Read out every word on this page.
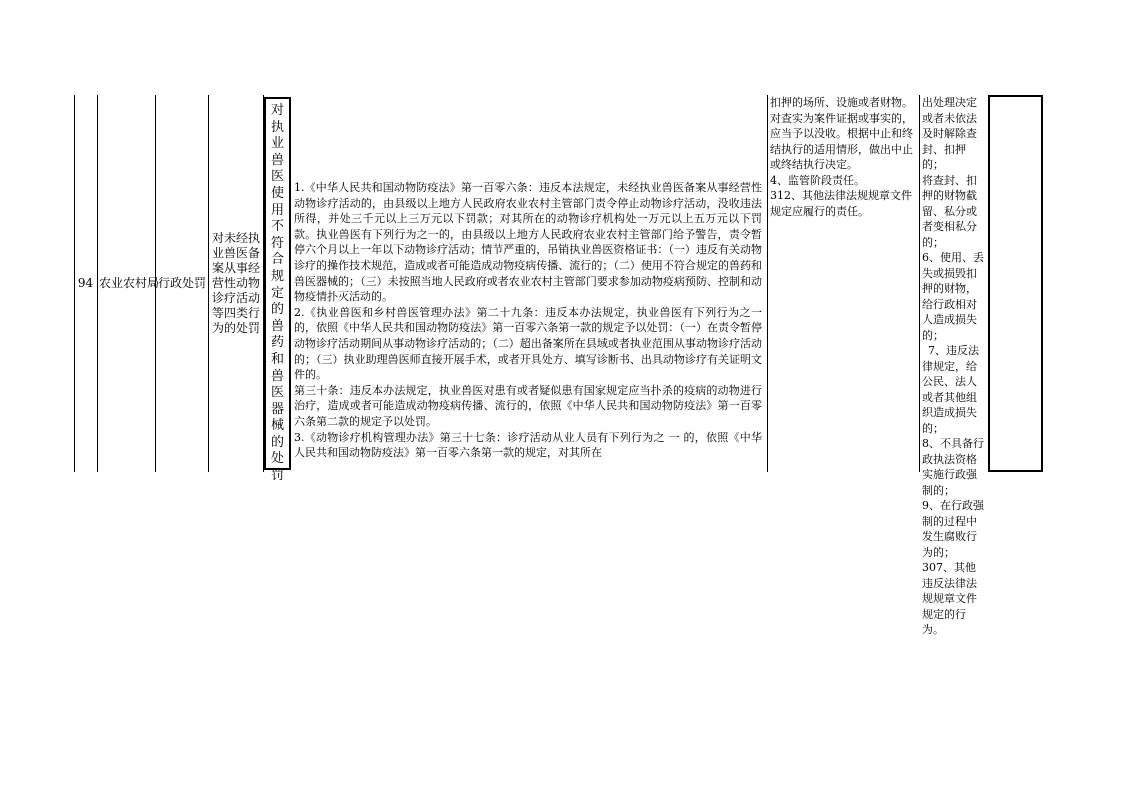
94 农业农村局
行政处罚
对未经执业兽医备案从事经营性动物诊疗活动等四类行为的处罚
对执业兽医使用不符合规定的兽药和兽医器械的处罚

1.《中华人民共和国动物防疫法》第一百零六条：违反本法规定，未经执业兽医备案从事经营性动物诊疗活动的，由县级以上地方人民政府农业农村主管部门责令停止动物诊疗活动，没收违法所得，并处三千元以上三万元以下罚款；对其所在的动物诊疗机构处一万元以上五万元以下罚款。执业兽医有下列行为之一的，由县级以上地方人民政府农业农村主管部门给予警告，责令暂停六个月以上一年以下动物诊疗活动；情节严重的，吊销执业兽医资格证书：（一）违反有关动物诊疗的操作技术规范，造成或者可能造成动物疫病传播、流行的；（二）使用不符合规定的兽药和兽医器械的；（三）未按照当地人民政府或者农业农村主管部门要求参加动物疫病预防、控制和动物疫情扑灭活动的。

2.《执业兽医和乡村兽医管理办法》第二十九条：违反本办法规定，执业兽医有下列行为之一的，依照《中华人民共和国动物防疫法》第一百零六条第一款的规定予以处罚：（一）在责令暂停动物诊疗活动期间从事动物诊疗活动的；（二）超出备案所在县域或者执业范围从事动物诊疗活动的；（三）执业助理兽医师直接开展手术，或者开具处方、填写诊断书、出具动物诊疗有关证明文件的。

第三十条：违反本办法规定，执业兽医对患有或者疑似患有国家规定应当扑杀的疫病的动物进行治疗，造成或者可能造成动物疫病传播、流行的，依照《中华人民共和国动物防疫法》第一百零六条第二款的规定予以处罚。

3.《动物诊疗机构管理办法》第三十七条：诊疗活动从业人员有下列行为之 一 的，依照《中华人民共和国动物防疫法》第一百零六条第一款的规定，对其所在

扣押的场所、设施或者财物。对查实为案件证据或事实的，应当予以没收。根据中止和终结执行的适用情形，做出中止或终结执行决定。

4、监管阶段责任。

312、其他法律法规规章文件规定应履行的责任。

出处理决定或者未依法及时解除查封、扣押的；

将查封、扣押的财物截留、私分或者变相私分的；

6、使用、丢失或损毁扣押的财物，给行政相对人造成损失的；

7、违反法律规定，给公民、法人或者其他组织造成损失的；

8、不具备行政执法资格实施行政强制的；

9、在行政强制的过程中发生腐败行为的；

307、其他违反法律法规规章文件规定的行为。
